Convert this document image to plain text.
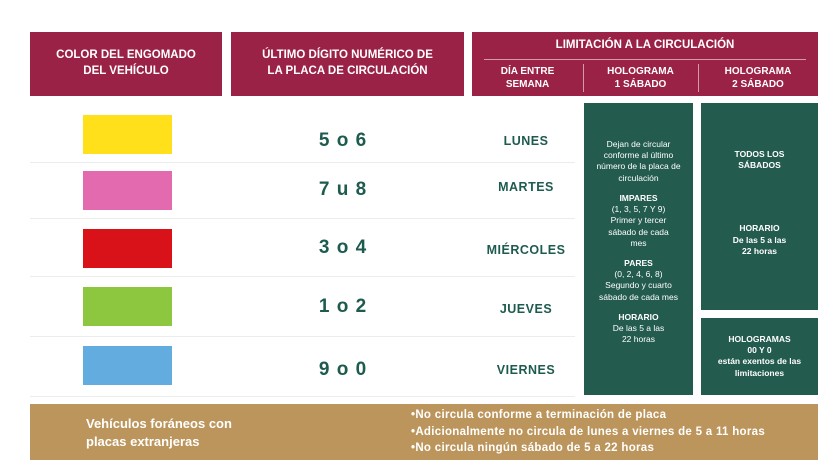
COLOR DEL ENGOMADO DEL VEHÍCULO
ÚLTIMO DÍGITO NUMÉRICO DE LA PLACA DE CIRCULACIÓN
LIMITACIÓN A LA CIRCULACIÓN
DÍA ENTRE SEMANA
HOLOGRAMA 1 SÁBADO
HOLOGRAMA 2 SÁBADO
5 o 6
7 u 8
3 o 4
1 o 2
9 o 0
LUNES
MARTES
MIÉRCOLES
JUEVES
VIERNES
Dejan de circular conforme al último número de la placa de circulación
IMPARES
(1, 3, 5, 7 Y 9)
Primer y tercer sábado de cada mes
PARES
(0, 2, 4, 6, 8)
Segundo y cuarto sábado de cada mes
HORARIO
De las 5 a las 22 horas
TODOS LOS SÁBADOS
HORARIO
De las 5 a las 22 horas
HOLOGRAMAS 00 Y 0
están exentos de las limitaciones
Vehículos foráneos con placas extranjeras
•No circula conforme a terminación de placa
•Adicionalmente no circula de lunes a viernes de 5 a 11 horas
•No circula ningún sábado de 5 a 22 horas
